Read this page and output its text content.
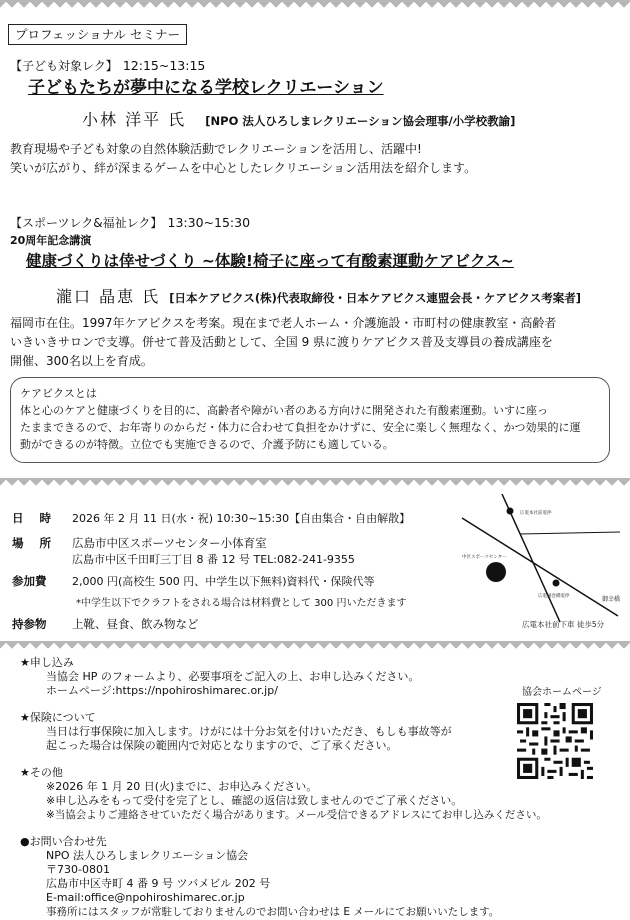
プロフェッショナル セミナー
【子ども対象レク】 12:15~13:15
子どもたちが夢中になる学校レクリエーション
小林 洋平 氏 [NPO 法人ひろしまレクリエーション協会理事/小学校教諭]
教育現場や子ども対象の自然体験活動でレクリエーションを活用し、活躍中!
笑いが広がり、絆が深まるゲームを中心としたレクリエーション活用法を紹介します。
【スポーツレク&福祉レク】 13:30~15:30
20周年記念講演
健康づくりは倖せづくり ~体験!椅子に座って有酸素運動ケアビクス~
瀧口 晶恵 氏 [日本ケアビクス(株)代表取締役・日本ケアビクス連盟会長・ケアビクス考案者]
福岡市在住。1997年ケアビクスを考案。現在まで老人ホーム・介護施設・市町村の健康教室・高齢者
いきいきサロンで支導。併せて普及活動として、全国 9 県に渡りケアビクス普及支導員の養成講座を
開催、300名以上を育成。
ケアビクスとは
体と心のケアと健康づくりを目的に、高齢者や障がい者のある方向けに開発された有酸素運動。いすに座っ
たままできるので、お年寄りのからだ・体力に合わせて負担をかけずに、安全に楽しく無理なく、かつ効果的に運
動ができるのが特徴。立位でも実施できるので、介護予防にも適している。
日 時 2026 年 2 月 11 日(水・祝) 10:30~15:30【自由集合・自由解散】
場 所 広島市中区スポーツセンター小体育室
広島市中区千田町三丁目 8 番 12 号 TEL:082-241-9355
参加費 2,000 円(高校生 500 円、中学生以下無料)資料代・保険代等
*中学生以下でクラフトをされる場合は材料費として 300 円いただきます
持参物 上靴、昼食、飲み物など
広電本社前電停
中区スポーツセンター
広電国巻橋電停	御幸橋
広電本社前下車 徒歩5分
★申し込み
当協会 HP のフォームより、必要事項をご記入の上、お申し込みください。
ホームページ:https://npohiroshimarec.or.jp/	協会ホームページ
★保険について
当日は行事保険に加入します。けがには十分お気を付けいただき、もしも事故等が
起こった場合は保険の範囲内で対応となりますので、ご了承ください。
★その他
※2026 年 1 月 20 日(火)までに、お申込みください。
※申し込みをもって受付を完了とし、確認の返信は致しませんのでご了承ください。
※当協会よりご連絡させていただく場合があります。メール受信できるアドレスにてお申し込みください。
●お問い合わせ先
NPO 法人ひろしまレクリエーション協会
〒730-0801
広島市中区寺町 4 番 9 号 ツバメビル 202 号
E-mail:office@npohiroshimarec.or.jp
事務所にはスタッフが常駐しておりませんのでお問い合わせは E メールにてお願いいたします。
